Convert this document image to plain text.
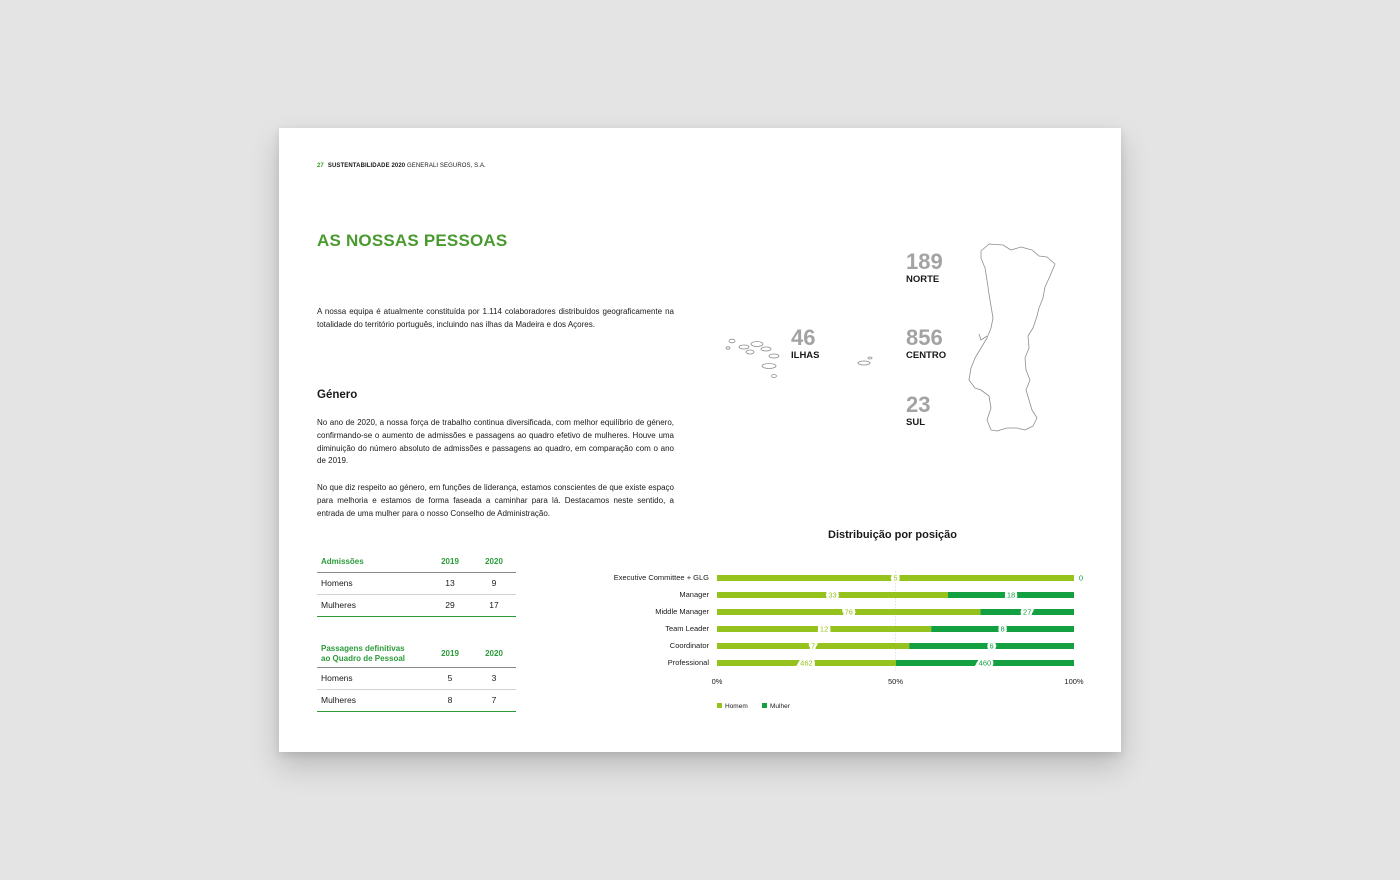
27 SUSTENTABILIDADE 2020 GENERALI SEGUROS, S.A.
AS NOSSAS PESSOAS
A nossa equipa é atualmente constituída por 1.114 colaboradores distribuídos geograficamente na totalidade do território português, incluindo nas ilhas da Madeira e dos Açores.
Género
No ano de 2020, a nossa força de trabalho continua diversificada, com melhor equilíbrio de género, confirmando-se o aumento de admissões e passagens ao quadro efetivo de mulheres. Houve uma diminuição do número absoluto de admissões e passagens ao quadro, em comparação com o ano de 2019.
No que diz respeito ao género, em funções de liderança, estamos conscientes de que existe espaço para melhoria e estamos de forma faseada a caminhar para lá. Destacamos neste sentido, a entrada de uma mulher para o nosso Conselho de Administração.
189
NORTE
856
CENTRO
23
SUL
46
ILHAS
Admissões	2019	2020
Homens	13	9
Mulheres	29	17
Passagens definitivas
ao Quadro de Pessoal	2019	2020
Homens	5	3
Mulheres	8	7
Distribuição por posição
Executive Committee + GLG	5	0
Manager	33	18
Middle Manager	76	27
Team Leader	12	8
Coordinator	7	6
Professional	462	460
0%	50%	100%
Homem	Mulher
